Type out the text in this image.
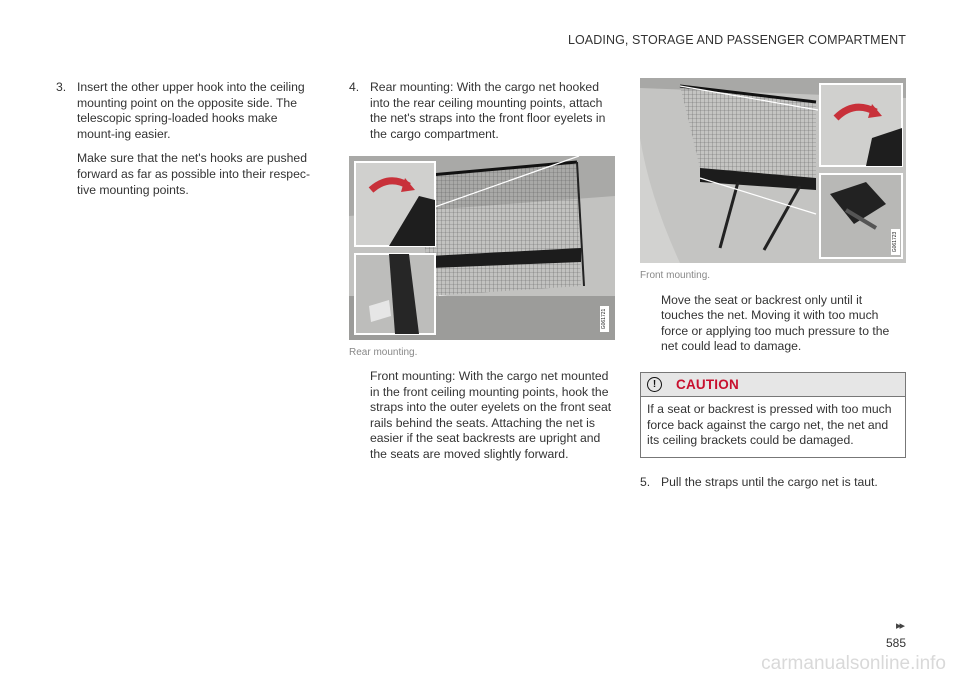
LOADING, STORAGE AND PASSENGER COMPARTMENT
3. Insert the other upper hook into the ceiling mounting point on the opposite side. The telescopic spring-loaded hooks make mount-ing easier.

Make sure that the net's hooks are pushed forward as far as possible into their respec-tive mounting points.

4. Rear mounting: With the cargo net hooked into the rear ceiling mounting points, attach the net's straps into the front floor eyelets in the cargo compartment.
G061721
Rear mounting.

Front mounting: With the cargo net mounted in the front ceiling mounting points, hook the straps into the outer eyelets on the front seat rails behind the seats. Attaching the net is easier if the seat backrests are upright and the seats are moved slightly forward.

G061723
Front mounting.

Move the seat or backrest only until it touches the net. Moving it with too much force or applying too much pressure to the net could lead to damage.

!	CAUTION
If a seat or backrest is pressed with too much force back against the cargo net, the net and its ceiling brackets could be damaged.
5. Pull the straps until the cargo net is taut.
▸▸
585
carmanualsonline.info
